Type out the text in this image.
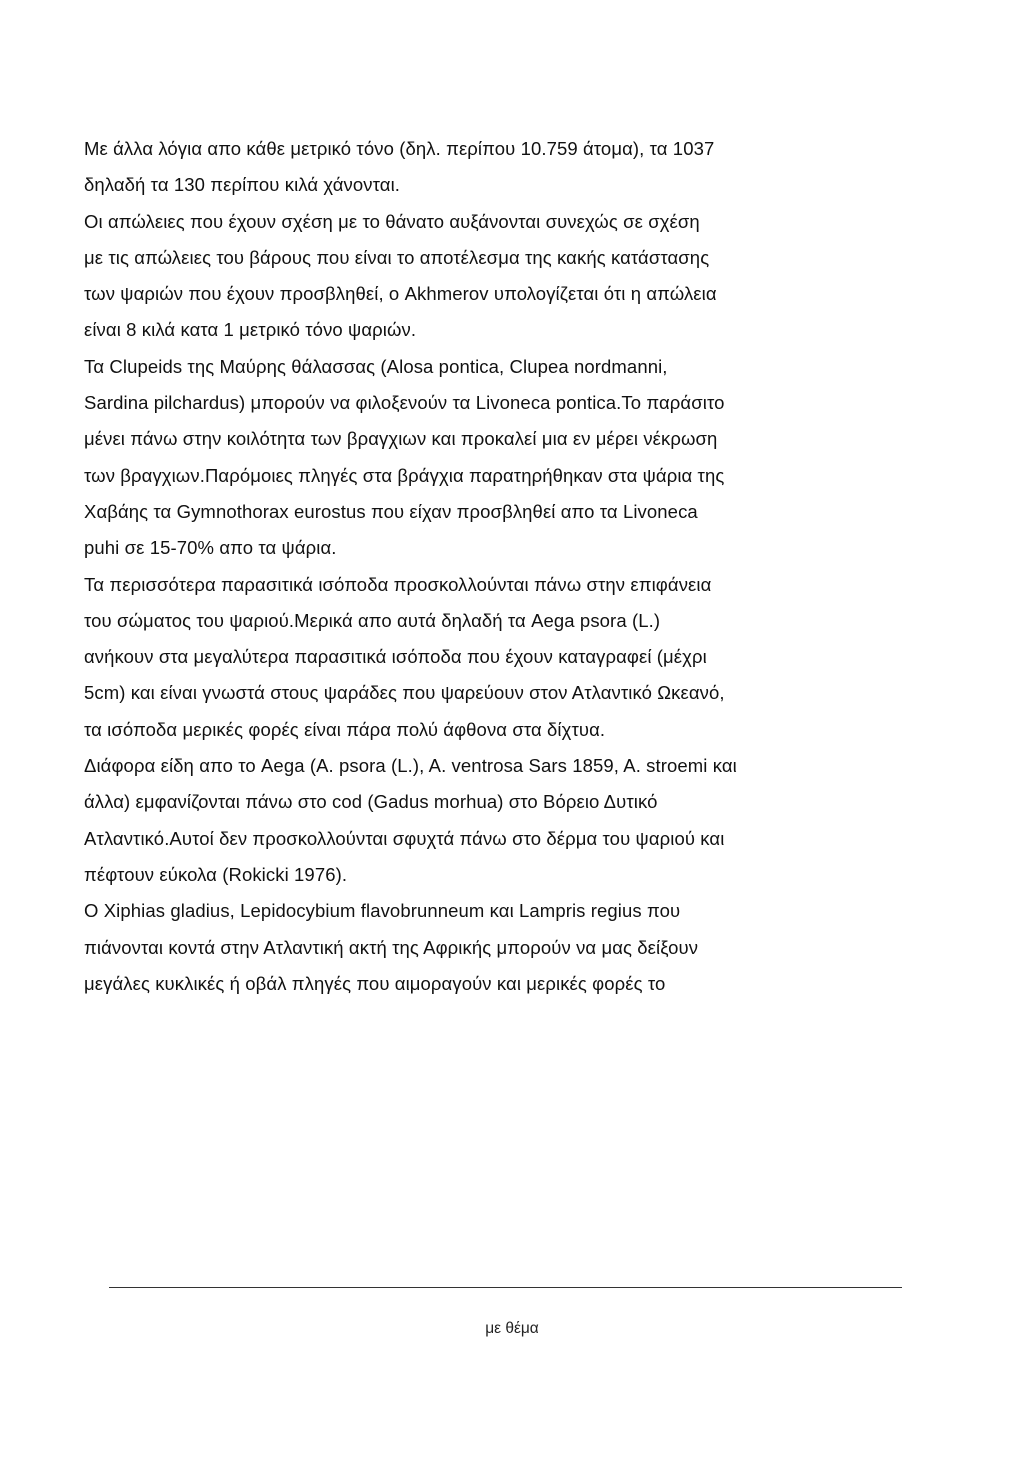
Με άλλα λόγια απο κάθε μετρικό τόνο (δηλ. περίπου 10.759 άτομα), τα 1037
δηλαδή τα 130 περίπου κιλά χάνονται.
Οι απώλειες που έχουν σχέση με το θάνατο αυξάνονται συνεχώς σε σχέση
με τις απώλειες του βάρους που είναι το αποτέλεσμα της κακής κατάστασης
των ψαριών που έχουν προσβληθεί, ο Akhmerov υπολογίζεται ότι η απώλεια
είναι 8 κιλά κατα 1 μετρικό τόνο ψαριών.
Τα Clupeids της Μαύρης θάλασσας (Alosa pontica, Clupea nordmanni,
Sardina pilchardus) μπορούν να φιλοξενούν τα Livoneca pontica.Το παράσιτο
μένει πάνω στην κοιλότητα των βραγχιων και προκαλεί μια εν μέρει νέκρωση
των βραγχιων.Παρόμοιες πληγές στα βράγχια παρατηρήθηκαν στα ψάρια της
Χαβάης τα Gymnothorax eurostus που είχαν προσβληθεί απο τα Livoneca
puhi σε 15-70% απο τα ψάρια.
Τα περισσότερα παρασιτικά ισόποδα προσκολλούνται πάνω στην επιφάνεια
του σώματος του ψαριού.Μερικά απο αυτά δηλαδή τα Aega psora (L.)
ανήκουν στα μεγαλύτερα παρασιτικά ισόποδα που έχουν καταγραφεί (μέχρι
5cm) και είναι γνωστά στους ψαράδες που ψαρεύουν στον Ατλαντικό Ωκεανό,
τα ισόποδα μερικές φορές είναι πάρα πολύ άφθονα στα δίχτυα.
Διάφορα είδη απο το Aega (A. psora (L.), A. ventrosa Sars 1859, A. stroemi και
άλλα) εμφανίζονται πάνω στο cod (Gadus morhua) στο Βόρειο Δυτικό
Ατλαντικό.Αυτοί δεν προσκολλούνται σφυχτά πάνω στο δέρμα του ψαριού και
πέφτουν εύκολα (Rokicki 1976).
Ο Xiphias gladius, Lepidocybium flavobrunneum και Lampris regius που
πιάνονται κοντά στην Ατλαντική ακτή της Αφρικής μπορούν να μας δείξουν
μεγάλες κυκλικές ή οβάλ πληγές που αιμοραγούν και μερικές φορές το
με θέμα
